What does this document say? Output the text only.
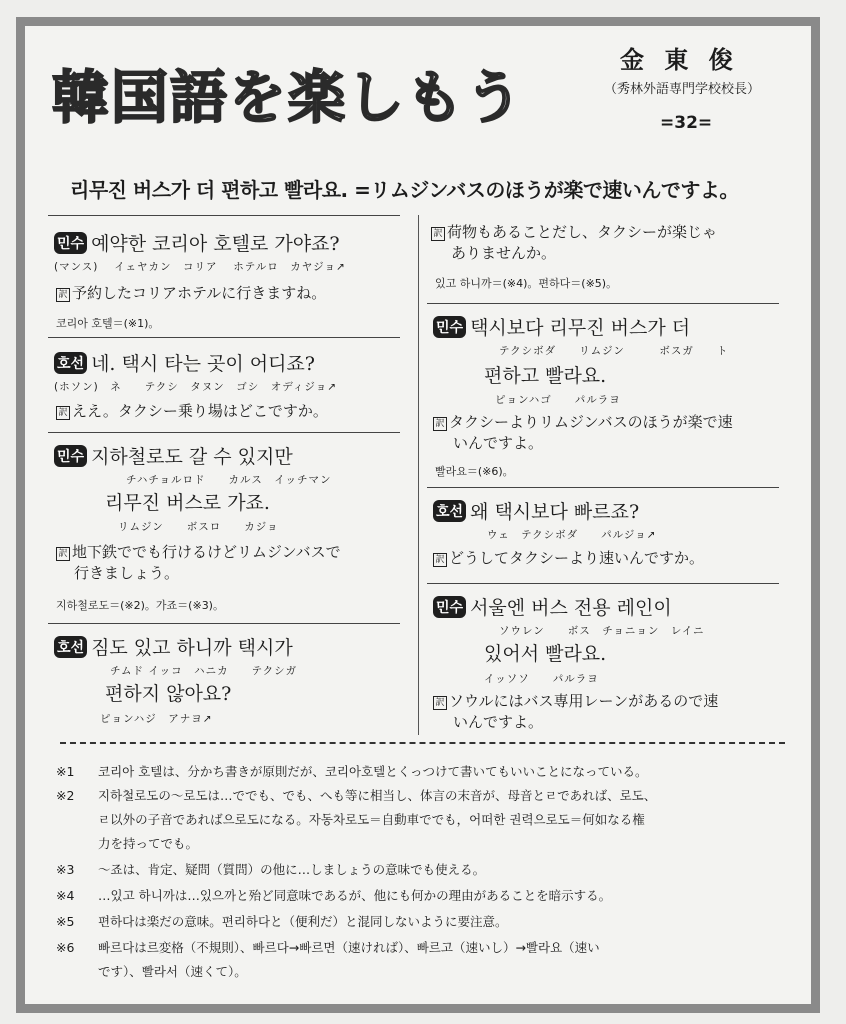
韓国語を楽しもう
金 東 俊
（秀林外語専門学校校長）
=32=
리무진 버스가 더 편하고 빨라요. =リムジンバスのほうが楽で速いんですよ。
민수 예약한 코리아 호텔로 가야죠?
(マンス)　 イェヤカン　コリア　 ホテルロ　カヤジョ↗
訳 予約したコリアホテルに行きますね。
코리아 호텔＝(※1)。
호선 네. 택시 타는 곳이 어디죠?
(ホソン)　ネ　　テクシ　タヌン　ゴシ　オディジョ↗
訳 ええ。タクシー乗り場はどこですか。
민수 지하철로도 갈 수 있지만
チハチョルロド　　カルス　イッチマン
리무진 버스로 가죠.
リムジン　　ボスロ　　カジョ
訳 地下鉄ででも行けるけどリムジンバスで
行きましょう。
지하철로도＝(※2)。가죠＝(※3)。
호선 짐도 있고 하니까 택시가
チムド イッコ　ハニカ　　テクシガ
편하지 않아요?
ピョンハジ　アナヨ↗
訳 荷物もあることだし、タクシーが楽じゃ
ありませんか。
있고 하니까＝(※4)。편하다＝(※5)。
민수 택시보다 리무진 버스가 더
テクシボダ　　リムジン　　　ボスガ　　ト
편하고 빨라요.
ピョンハゴ　　パルラヨ
訳 タクシーよりリムジンバスのほうが楽で速
いんですよ。
빨라요＝(※6)。
호선 왜 택시보다 빠르죠?
ウェ　テクシボダ　　パルジョ↗
訳 どうしてタクシーより速いんですか。
민수 서울엔 버스 전용 레인이
ソウレン　　ボス　チョニョン　レイニ
있어서 빨라요.
イッソソ　　パルラヨ
訳 ソウルにはバス専用レーンがあるので速
いんですよ。
※1 코리아 호텔は、分かち書きが原則だが、코리아호텔とくっつけて書いてもいいことになっている。
※2 지하철로도の～로도は…ででも、でも、へも等に相当し、体言の末音が、母音とㄹであれば、로도、
ㄹ以外の子音であれば으로도になる。자동차로도＝自動車ででも，어떠한 권력으로도＝何如なる権
力を持ってでも。
※3 ～죠は、肯定、疑問（質問）の他に…しましょうの意味でも使える。
※4 …있고 하니까は…있으까と殆ど同意味であるが、他にも何かの理由があることを暗示する。
※5 편하다は楽だの意味。편리하다と（便利だ）と混同しないように要注意。
※6 빠르다は르変格（不規則）、빠르다→빠르면（速ければ）、빠르고（速いし）→빨라요（速い
です）、빨라서（速くて）。
